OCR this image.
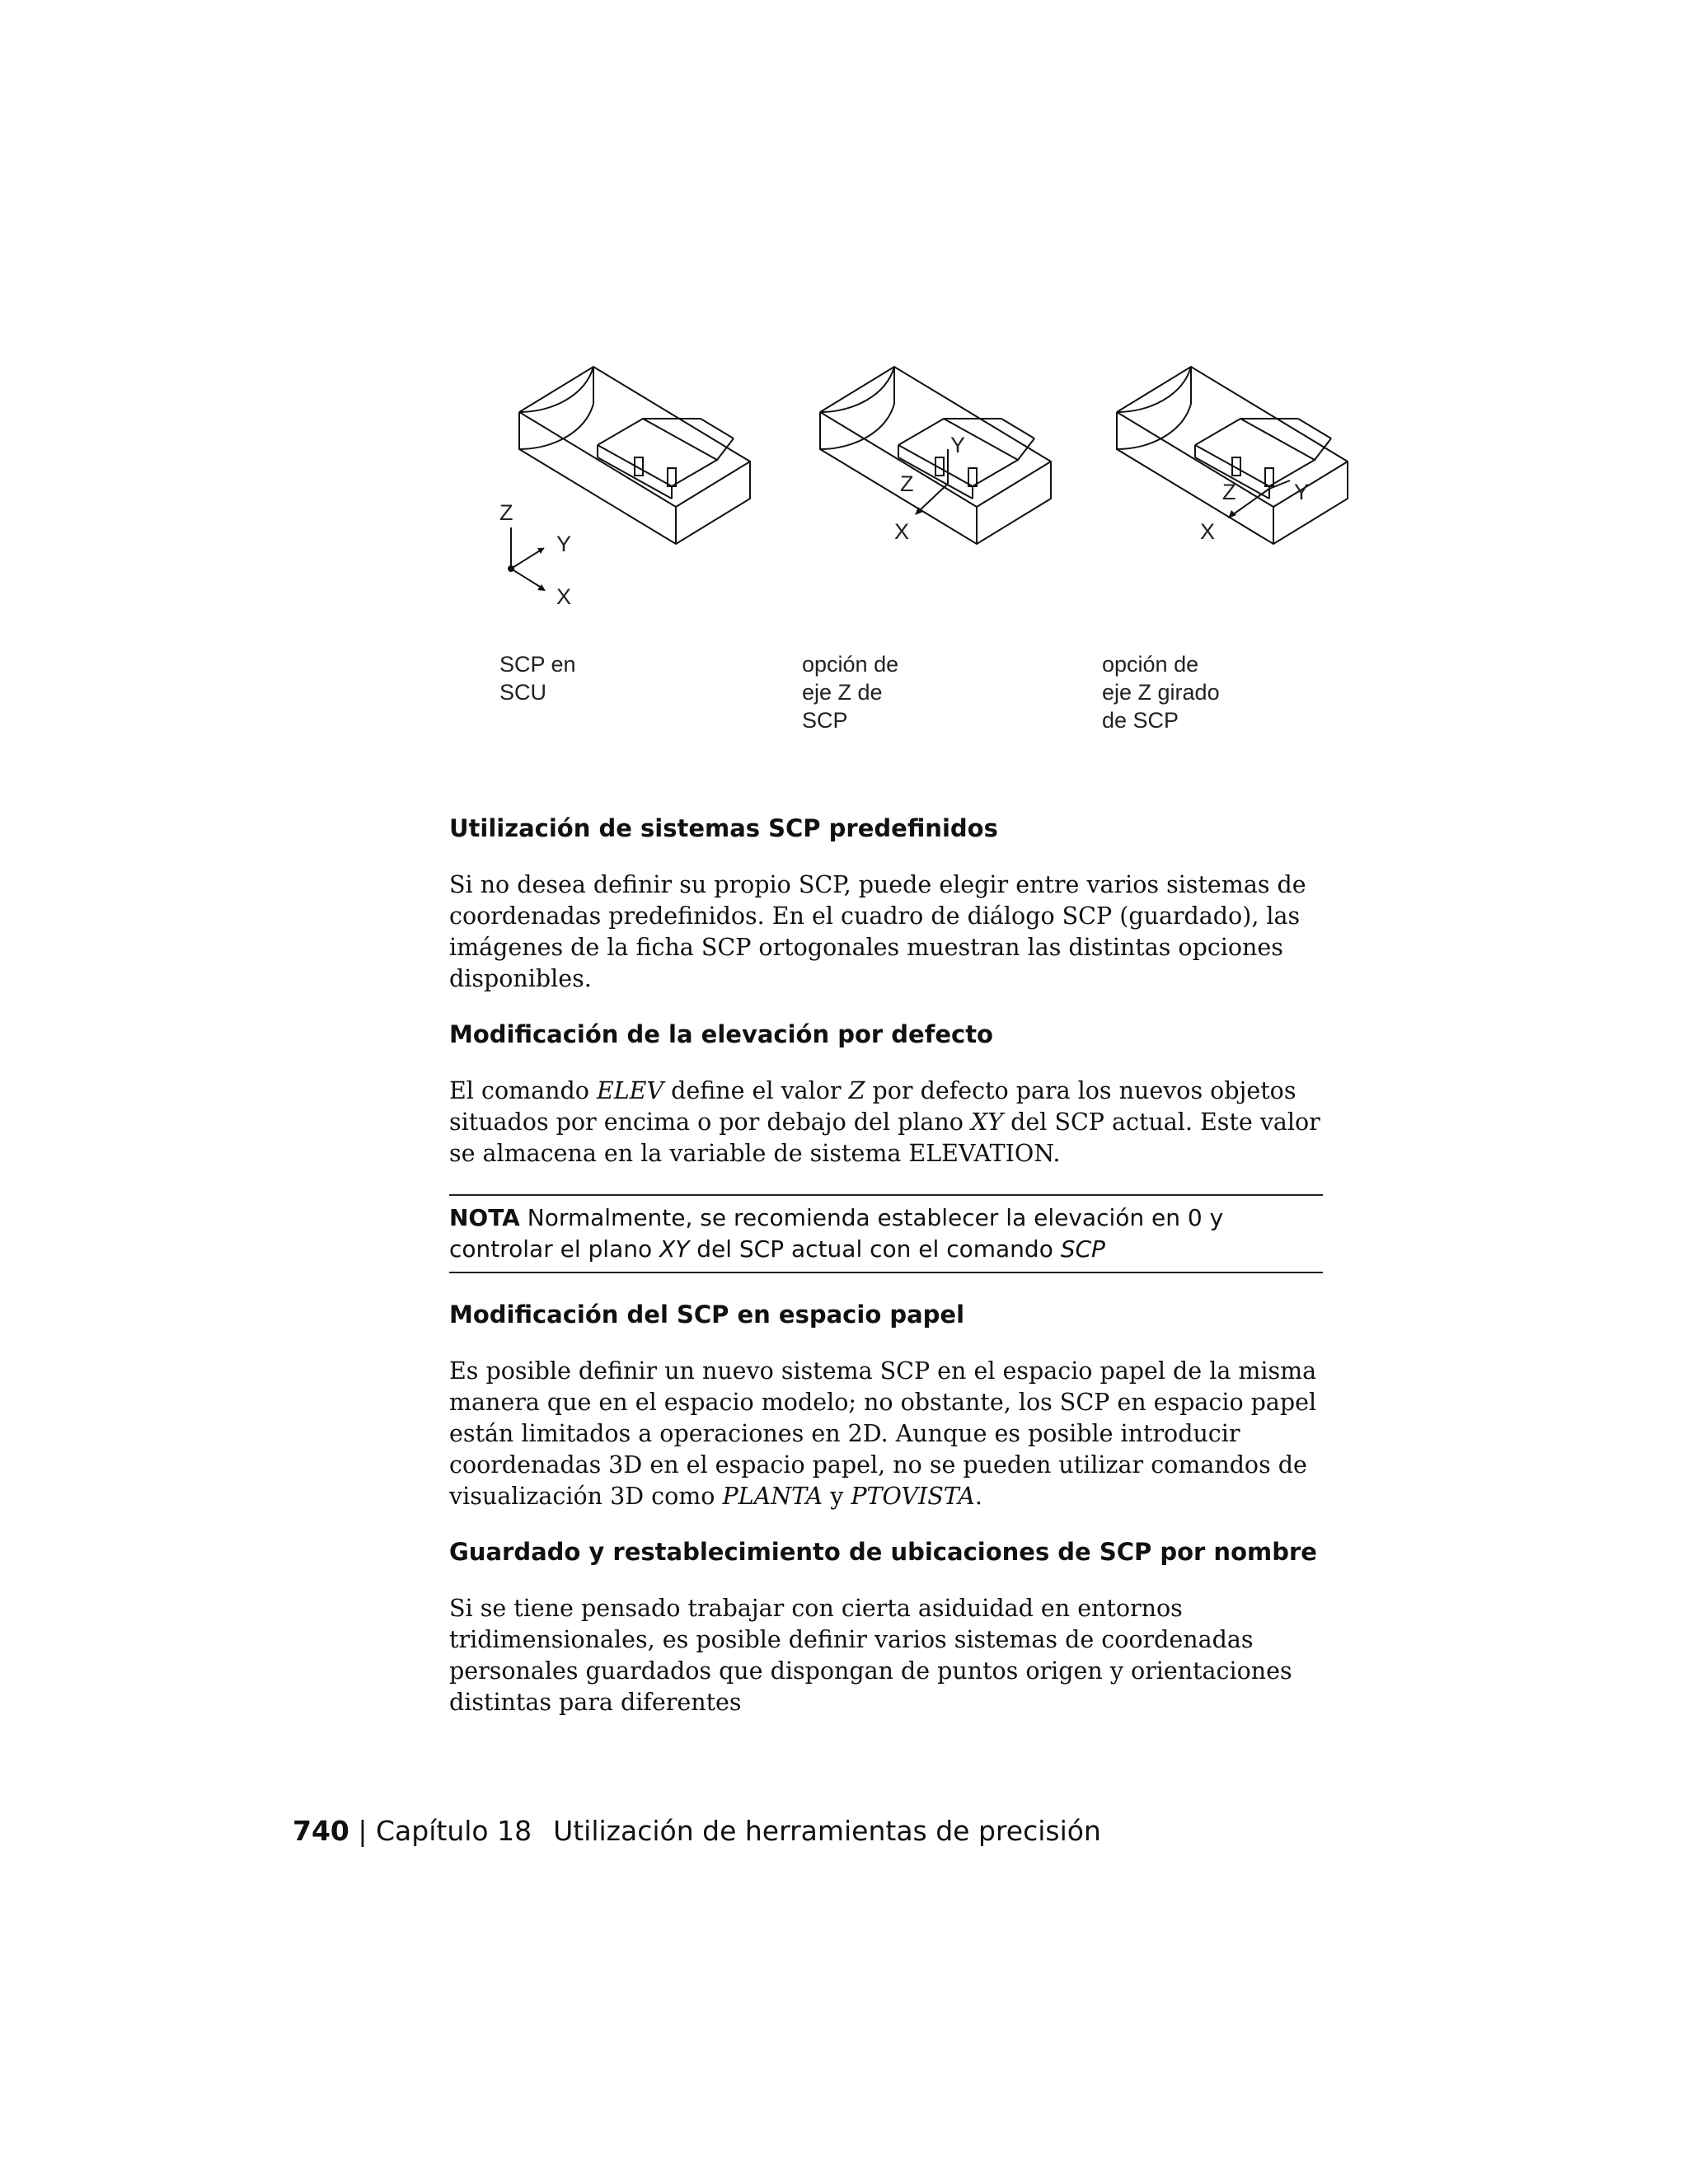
Z
Y
X
Z
Y
X
Z	Y
X
SCP en
SCU
opción de
eje Z de
SCP
opción de
eje Z girado
de SCP
Utilización de sistemas SCP predefinidos

Si no desea definir su propio SCP, puede elegir entre varios sistemas de coordenadas predefinidos. En el cuadro de diálogo SCP (guardado), las imágenes de la ficha SCP ortogonales muestran las distintas opciones disponibles.

Modificación de la elevación por defecto

El comando ELEV define el valor Z por defecto para los nuevos objetos situados por encima o por debajo del plano XY del SCP actual. Este valor se almacena en la variable de sistema ELEVATION.

NOTA Normalmente, se recomienda establecer la elevación en 0 y controlar el plano XY del SCP actual con el comando SCP
Modificación del SCP en espacio papel

Es posible definir un nuevo sistema SCP en el espacio papel de la misma manera que en el espacio modelo; no obstante, los SCP en espacio papel están limitados a operaciones en 2D. Aunque es posible introducir coordenadas 3D en el espacio papel, no se pueden utilizar comandos de visualización 3D como PLANTA y PTOVISTA.

Guardado y restablecimiento de ubicaciones de SCP por nombre

Si se tiene pensado trabajar con cierta asiduidad en entornos tridimensionales, es posible definir varios sistemas de coordenadas personales guardados que dispongan de puntos origen y orientaciones distintas para diferentes

740 | Capítulo 18 Utilización de herramientas de precisión
